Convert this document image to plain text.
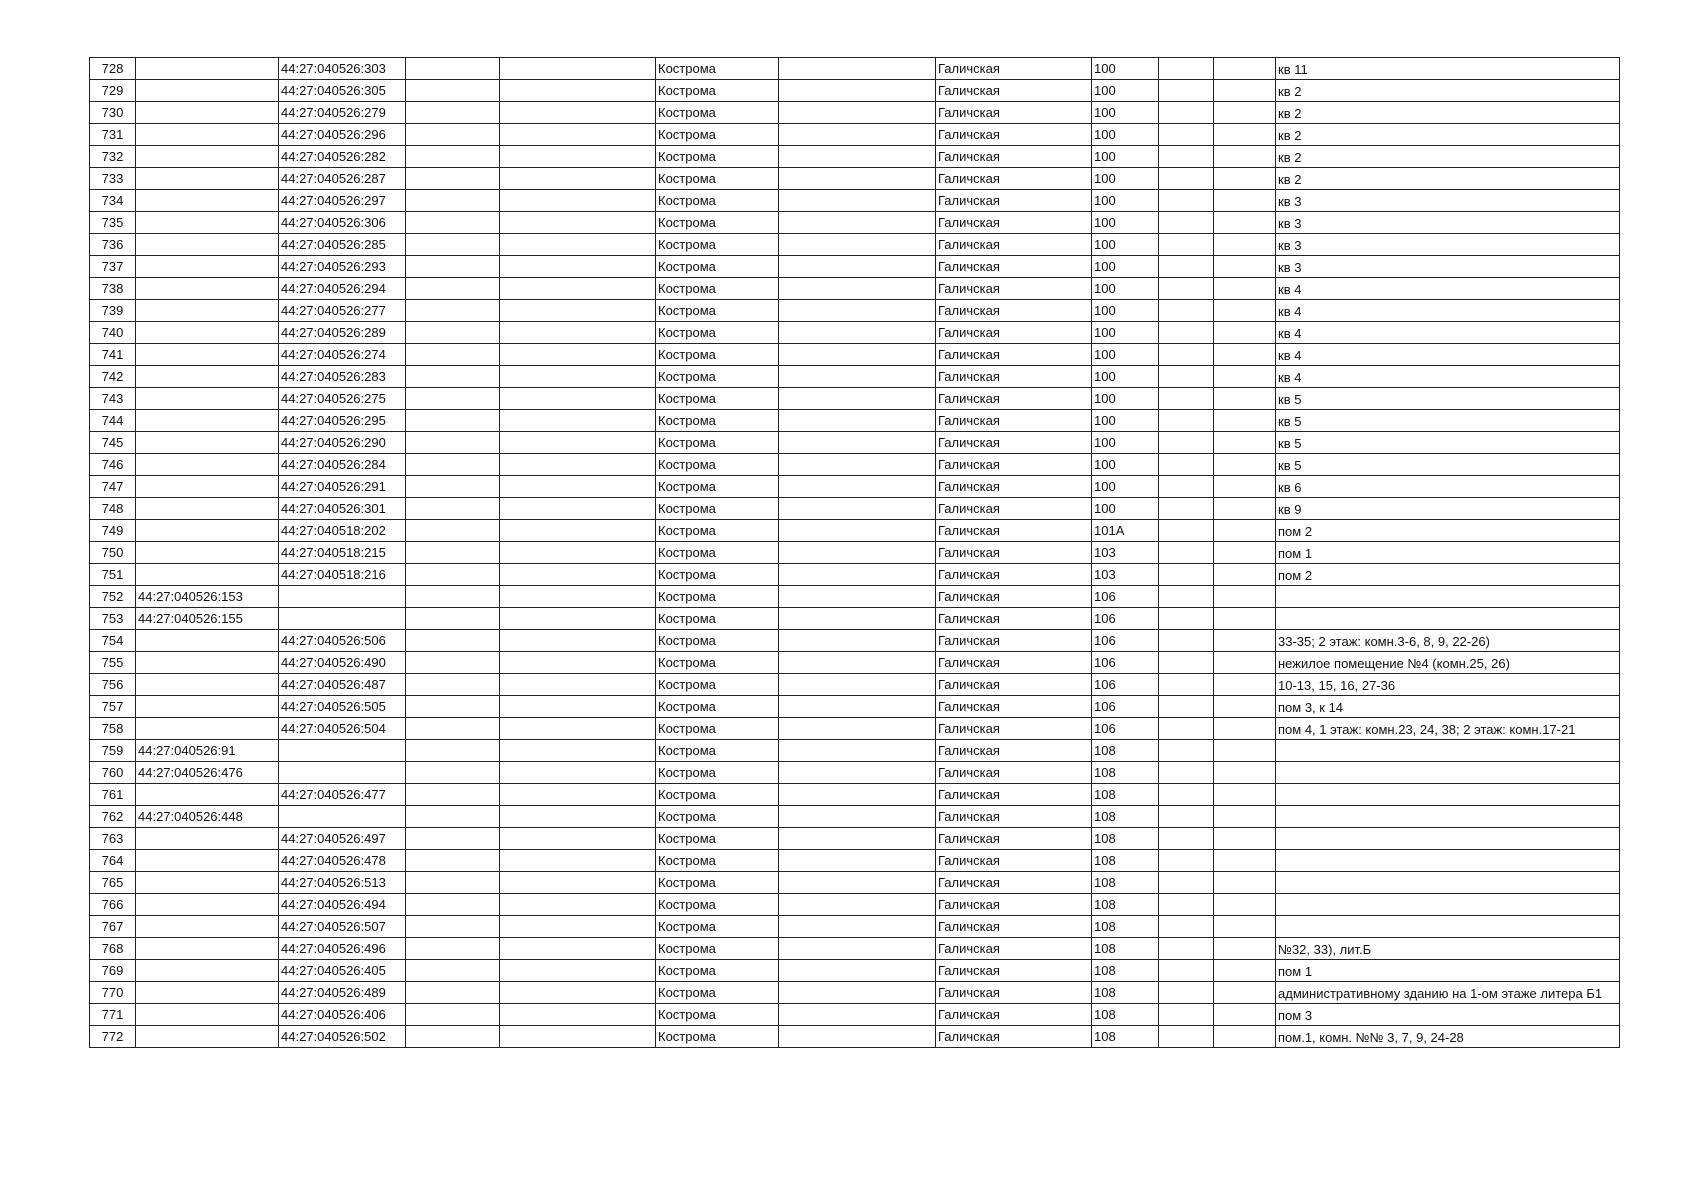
728		44:27:040526:303			Кострома		Галичская	100			кв 11
729		44:27:040526:305			Кострома		Галичская	100			кв 2
730		44:27:040526:279			Кострома		Галичская	100			кв 2
731		44:27:040526:296			Кострома		Галичская	100			кв 2
732		44:27:040526:282			Кострома		Галичская	100			кв 2
733		44:27:040526:287			Кострома		Галичская	100			кв 2
734		44:27:040526:297			Кострома		Галичская	100			кв 3
735		44:27:040526:306			Кострома		Галичская	100			кв 3
736		44:27:040526:285			Кострома		Галичская	100			кв 3
737		44:27:040526:293			Кострома		Галичская	100			кв 3
738		44:27:040526:294			Кострома		Галичская	100			кв 4
739		44:27:040526:277			Кострома		Галичская	100			кв 4
740		44:27:040526:289			Кострома		Галичская	100			кв 4
741		44:27:040526:274			Кострома		Галичская	100			кв 4
742		44:27:040526:283			Кострома		Галичская	100			кв 4
743		44:27:040526:275			Кострома		Галичская	100			кв 5
744		44:27:040526:295			Кострома		Галичская	100			кв 5
745		44:27:040526:290			Кострома		Галичская	100			кв 5
746		44:27:040526:284			Кострома		Галичская	100			кв 5
747		44:27:040526:291			Кострома		Галичская	100			кв 6
748		44:27:040526:301			Кострома		Галичская	100			кв 9
749		44:27:040518:202			Кострома		Галичская	101А			пом 2
750		44:27:040518:215			Кострома		Галичская	103			пом 1
751		44:27:040518:216			Кострома		Галичская	103			пом 2
752	44:27:040526:153				Кострома		Галичская	106			
753	44:27:040526:155				Кострома		Галичская	106			
754		44:27:040526:506			Кострома		Галичская	106			33-35; 2 этаж: комн.3-6, 8, 9, 22-26)

755		44:27:040526:490			Кострома		Галичская	106			нежилое помещение №4 (комн.25, 26)
756		44:27:040526:487			Кострома		Галичская	106			10-13, 15, 16, 27-36

757		44:27:040526:505			Кострома		Галичская	106			пом 3, к 14
758		44:27:040526:504			Кострома		Галичская	106			пом 4, 1 этаж: комн.23, 24, 38; 2 этаж: комн.17-21
759	44:27:040526:91				Кострома		Галичская	108			
760	44:27:040526:476				Кострома		Галичская	108			
761		44:27:040526:477			Кострома		Галичская	108			
762	44:27:040526:448				Кострома		Галичская	108			
763		44:27:040526:497			Кострома		Галичская	108			
764		44:27:040526:478			Кострома		Галичская	108			
765		44:27:040526:513			Кострома		Галичская	108			
766		44:27:040526:494			Кострома		Галичская	108			
767		44:27:040526:507			Кострома		Галичская	108			
768		44:27:040526:496			Кострома		Галичская	108			№32, 33), лит.Б

769		44:27:040526:405			Кострома		Галичская	108			пом 1
770		44:27:040526:489			Кострома		Галичская	108			административному зданию на 1-ом этаже литера Б1

771		44:27:040526:406			Кострома		Галичская	108			пом 3
772		44:27:040526:502			Кострома		Галичская	108			пом.1, комн. №№ 3, 7, 9, 24-28
